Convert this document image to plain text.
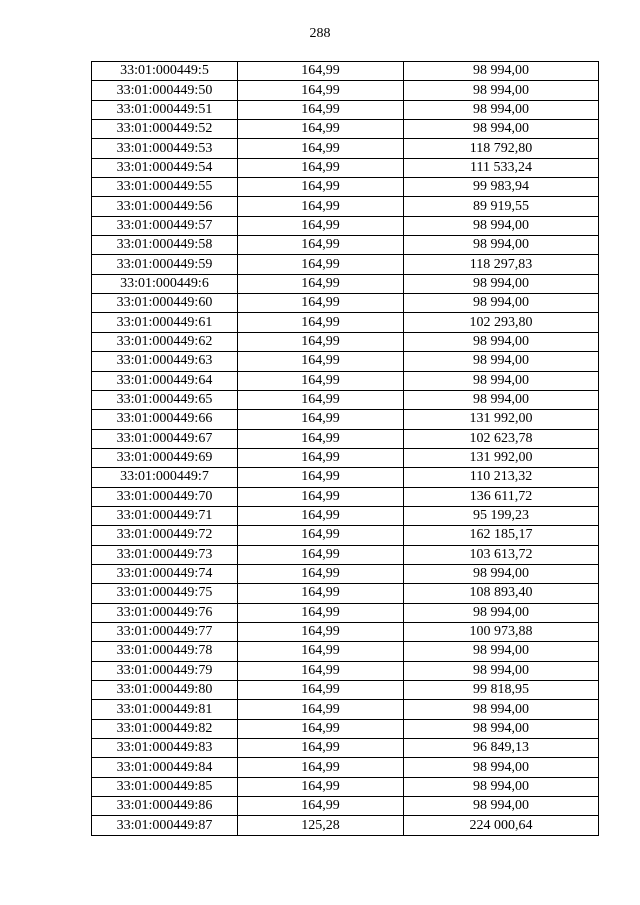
288
33:01:000449:5	164,99	98 994,00
33:01:000449:50	164,99	98 994,00
33:01:000449:51	164,99	98 994,00
33:01:000449:52	164,99	98 994,00
33:01:000449:53	164,99	118 792,80
33:01:000449:54	164,99	111 533,24
33:01:000449:55	164,99	99 983,94
33:01:000449:56	164,99	89 919,55
33:01:000449:57	164,99	98 994,00
33:01:000449:58	164,99	98 994,00
33:01:000449:59	164,99	118 297,83
33:01:000449:6	164,99	98 994,00
33:01:000449:60	164,99	98 994,00
33:01:000449:61	164,99	102 293,80
33:01:000449:62	164,99	98 994,00
33:01:000449:63	164,99	98 994,00
33:01:000449:64	164,99	98 994,00
33:01:000449:65	164,99	98 994,00
33:01:000449:66	164,99	131 992,00
33:01:000449:67	164,99	102 623,78
33:01:000449:69	164,99	131 992,00
33:01:000449:7	164,99	110 213,32
33:01:000449:70	164,99	136 611,72
33:01:000449:71	164,99	95 199,23
33:01:000449:72	164,99	162 185,17
33:01:000449:73	164,99	103 613,72
33:01:000449:74	164,99	98 994,00
33:01:000449:75	164,99	108 893,40
33:01:000449:76	164,99	98 994,00
33:01:000449:77	164,99	100 973,88
33:01:000449:78	164,99	98 994,00
33:01:000449:79	164,99	98 994,00
33:01:000449:80	164,99	99 818,95
33:01:000449:81	164,99	98 994,00
33:01:000449:82	164,99	98 994,00
33:01:000449:83	164,99	96 849,13
33:01:000449:84	164,99	98 994,00
33:01:000449:85	164,99	98 994,00
33:01:000449:86	164,99	98 994,00
33:01:000449:87	125,28	224 000,64
